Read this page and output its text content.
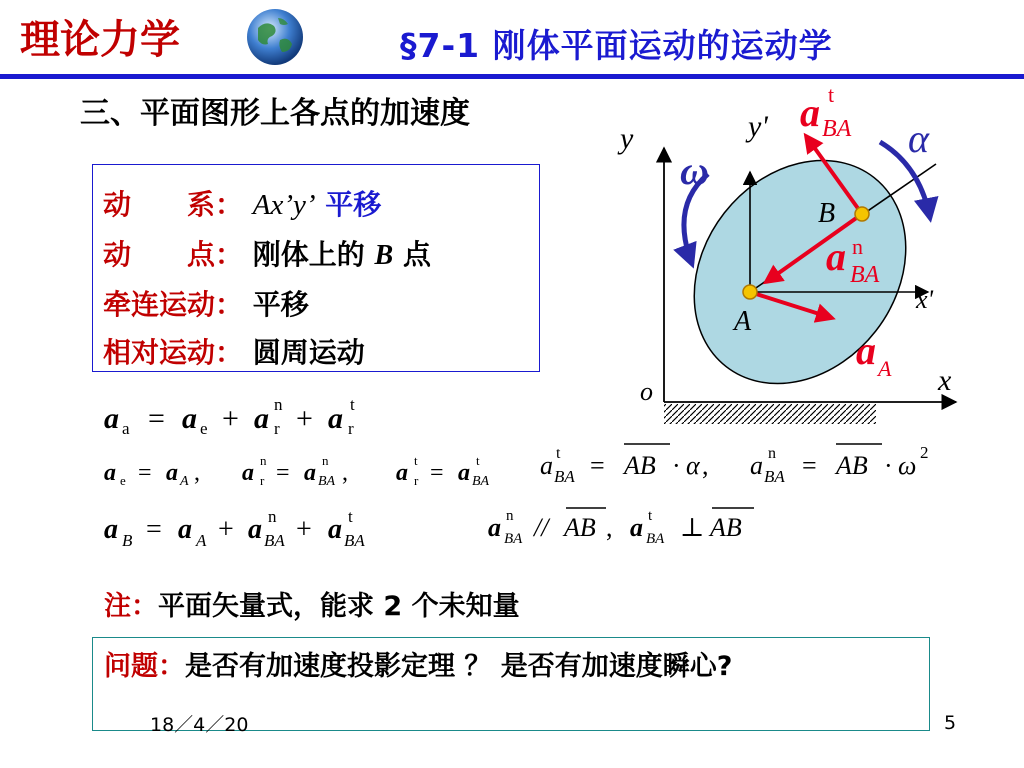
理论力学	§7-1 刚体平面运动的运动学
三、平面图形上各点的加速度
动　　系： Ax’y’ 平移
动　　点： 刚体上的 B 点
牵连运动： 平移
相对运动： 圆周运动
a a = a e + a n
r + a t
r
a e = a A , a n
r = a n
BA , a t
r = a t
BA
a t
BA = AB · α , a n
BA = AB · ω 2
a B = a A + a n
BA + a t
BA	a n
BA // AB , a t
BA ⊥ AB
y	y'
x
x'
o
A
B
ω
α
a t
BA
a n
BA
a A
注：平面矢量式，能求 2 个未知量
问题：是否有加速度投影定理 ？ 是否有加速度瞬心?
18／4／20	5
